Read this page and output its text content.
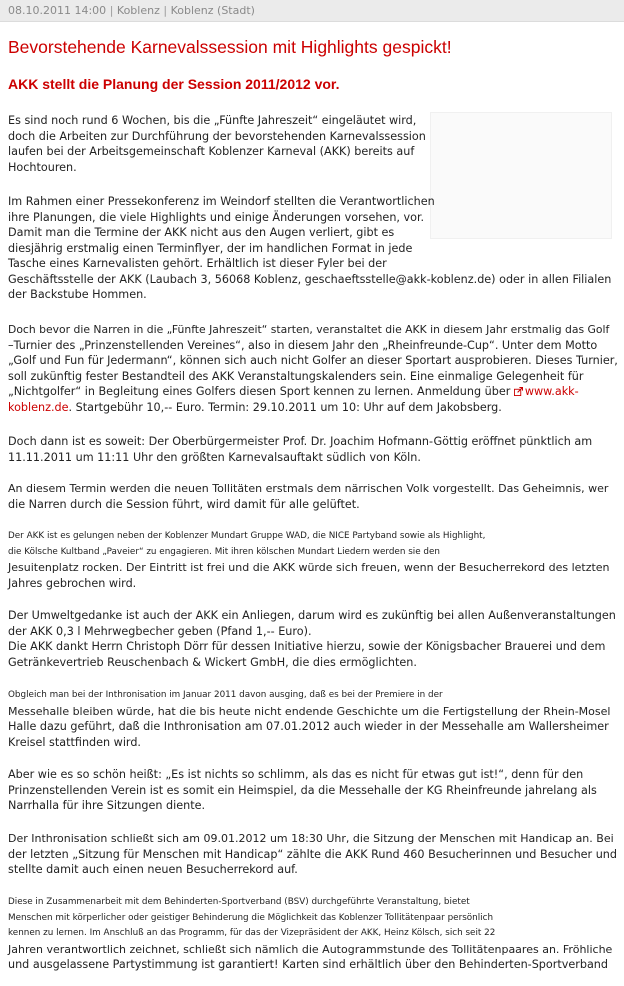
08.10.2011 14:00 | Koblenz | Koblenz (Stadt)
Bevorstehende Karnevalssession mit Highlights gespickt!
AKK stellt die Planung der Session 2011/2012 vor.

Es sind noch rund 6 Wochen, bis die „Fünfte Jahreszeit“ eingeläutet wird,
doch die Arbeiten zur Durchführung der bevorstehenden Karnevalssession
laufen bei der Arbeitsgemeinschaft Koblenzer Karneval (AKK) bereits auf
Hochtouren.

Im Rahmen einer Pressekonferenz im Weindorf stellten die Verantwortlichen
ihre Planungen, die viele Highlights und einige Änderungen vorsehen, vor.
Damit man die Termine der AKK nicht aus den Augen verliert, gibt es
diesjährig erstmalig einen Terminflyer, der im handlichen Format in jede
Tasche eines Karnevalisten gehört. Erhältlich ist dieser Fyler bei der
Geschäftsstelle der AKK (Laubach 3, 56068 Koblenz, geschaeftsstelle@akk-koblenz.de) oder in allen Filialen
der Backstube Hommen.

Doch bevor die Narren in die „Fünfte Jahreszeit“ starten, veranstaltet die AKK in diesem Jahr erstmalig das Golf
–Turnier des „Prinzenstellenden Vereines“, also in diesem Jahr den „Rheinfreunde-Cup“. Unter dem Motto
„Golf und Fun für Jedermann“, können sich auch nicht Golfer an dieser Sportart ausprobieren. Dieses Turnier,
soll zukünftig fester Bestandteil des AKK Veranstaltungskalenders sein. Eine einmalige Gelegenheit für
„Nichtgolfer“ in Begleitung eines Golfers diesen Sport kennen zu lernen. Anmeldung über www.akk-
koblenz.de. Startgebühr 10,-- Euro. Termin: 29.10.2011 um 10: Uhr auf dem Jakobsberg.

Doch dann ist es soweit: Der Oberbürgermeister Prof. Dr. Joachim Hofmann-Göttig eröffnet pünktlich am
11.11.2011 um 11:11 Uhr den größten Karnevalsauftakt südlich von Köln.

An diesem Termin werden die neuen Tollitäten erstmals dem närrischen Volk vorgestellt. Das Geheimnis, wer
die Narren durch die Session führt, wird damit für alle gelüftet.

Der AKK ist es gelungen neben der Koblenzer Mundart Gruppe WAD, die NICE Partyband sowie als Highlight,
die Kölsche Kultband „Paveier“ zu engagieren. Mit ihren kölschen Mundart Liedern werden sie den
Jesuitenplatz rocken. Der Eintritt ist frei und die AKK würde sich freuen, wenn der Besucherrekord des letzten
Jahres gebrochen wird.

Der Umweltgedanke ist auch der AKK ein Anliegen, darum wird es zukünftig bei allen Außenveranstaltungen
der AKK 0,3 l Mehrwegbecher geben (Pfand 1,-- Euro).
Die AKK dankt Herrn Christoph Dörr für dessen Initiative hierzu, sowie der Königsbacher Brauerei und dem
Getränkevertrieb Reuschenbach & Wickert GmbH, die dies ermöglichten.

Obgleich man bei der Inthronisation im Januar 2011 davon ausging, daß es bei der Premiere in der
Messehalle bleiben würde, hat die bis heute nicht endende Geschichte um die Fertigstellung der Rhein-Mosel
Halle dazu geführt, daß die Inthronisation am 07.01.2012 auch wieder in der Messehalle am Wallersheimer
Kreisel stattfinden wird.

Aber wie es so schön heißt: „Es ist nichts so schlimm, als das es nicht für etwas gut ist!“, denn für den
Prinzenstellenden Verein ist es somit ein Heimspiel, da die Messehalle der KG Rheinfreunde jahrelang als
Narrhalla für ihre Sitzungen diente.

Der Inthronisation schließt sich am 09.01.2012 um 18:30 Uhr, die Sitzung der Menschen mit Handicap an. Bei
der letzten „Sitzung für Menschen mit Handicap“ zählte die AKK Rund 460 Besucherinnen und Besucher und
stellte damit auch einen neuen Besucherrekord auf.

Diese in Zusammenarbeit mit dem Behinderten-Sportverband (BSV) durchgeführte Veranstaltung, bietet
Menschen mit körperlicher oder geistiger Behinderung die Möglichkeit das Koblenzer Tollitätenpaar persönlich
kennen zu lernen. Im Anschluß an das Programm, für das der Vizepräsident der AKK, Heinz Kölsch, sich seit 22
Jahren verantwortlich zeichnet, schließt sich nämlich die Autogrammstunde des Tollitätenpaares an. Fröhliche
und ausgelassene Partystimmung ist garantiert! Karten sind erhältlich über den Behinderten-Sportverband
